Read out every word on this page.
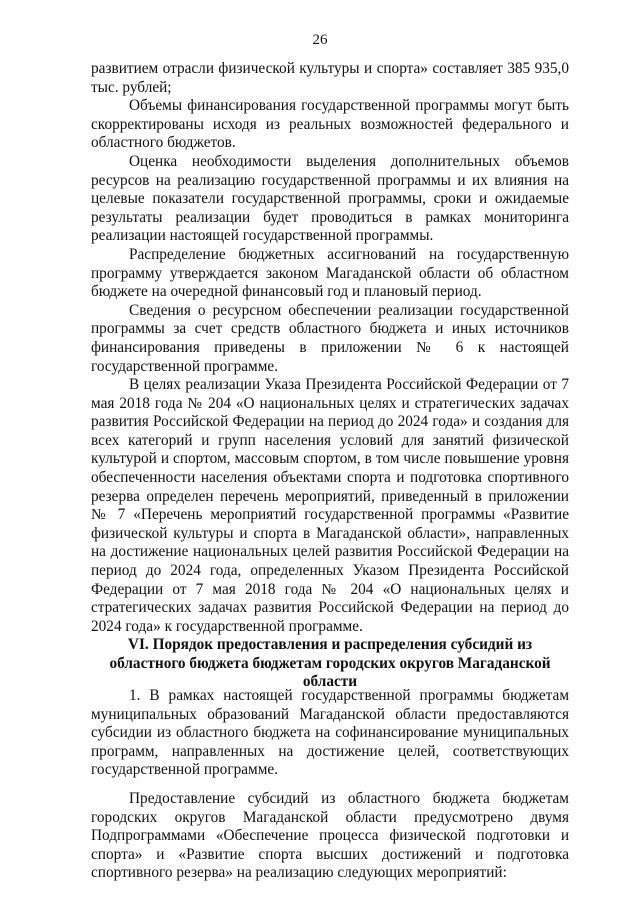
26

развитием отрасли физической культуры и спорта» составляет 385 935,0 тыс. рублей;

Объемы финансирования государственной программы могут быть скорректированы исходя из реальных возможностей федерального и областного бюджетов.

Оценка необходимости выделения дополнительных объемов ресурсов на реализацию государственной программы и их влияния на целевые показатели государственной программы, сроки и ожидаемые результаты реализации будет проводиться в рамках мониторинга реализации настоящей государственной программы.

Распределение бюджетных ассигнований на государственную программу утверждается законом Магаданской области об областном бюджете на очередной финансовый год и плановый период.

Сведения о ресурсном обеспечении реализации государственной программы за счет средств областного бюджета и иных источников финансирования приведены в приложении № 6 к настоящей государственной программе.

В целях реализации Указа Президента Российской Федерации от 7 мая 2018 года № 204 «О национальных целях и стратегических задачах развития Российской Федерации на период до 2024 года» и создания для всех категорий и групп населения условий для занятий физической культурой и спортом, массовым спортом, в том числе повышение уровня обеспеченности населения объектами спорта и подготовка спортивного резерва определен перечень мероприятий, приведенный в приложении № 7 «Перечень мероприятий государственной программы «Развитие физической культуры и спорта в Магаданской области», направленных на достижение национальных целей развития Российской Федерации на период до 2024 года, определенных Указом Президента Российской Федерации от 7 мая 2018 года № 204 «О национальных целях и стратегических задачах развития Российской Федерации на период до 2024 года» к государственной программе.

VI. Порядок предоставления и распределения субсидий из областного бюджета бюджетам городских округов Магаданской области

1. В рамках настоящей государственной программы бюджетам муниципальных образований Магаданской области предоставляются субсидии из областного бюджета на софинансирование муниципальных программ, направленных на достижение целей, соответствующих государственной программе.

Предоставление субсидий из областного бюджета бюджетам городских округов Магаданской области предусмотрено двумя Подпрограммами «Обеспечение процесса физической подготовки и спорта» и «Развитие спорта высших достижений и подготовка спортивного резерва» на реализацию следующих мероприятий:
